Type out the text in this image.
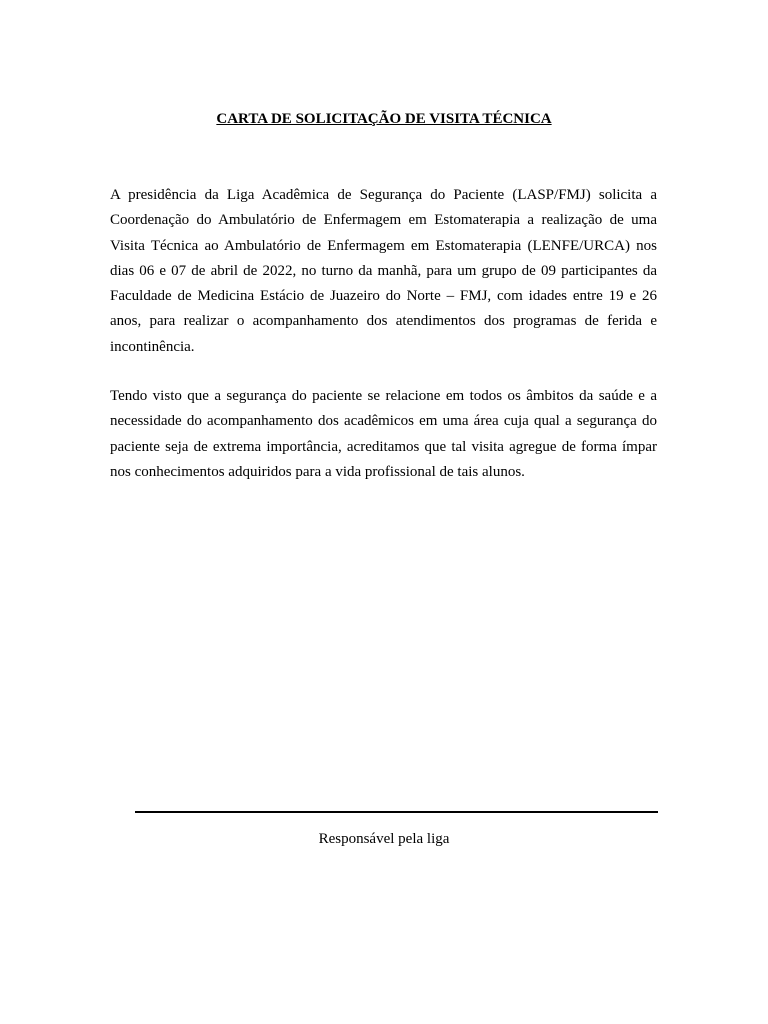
CARTA DE SOLICITAÇÃO DE VISITA TÉCNICA

A presidência da Liga Acadêmica de Segurança do Paciente (LASP/FMJ) solicita a Coordenação do Ambulatório de Enfermagem em Estomaterapia a realização de uma Visita Técnica ao Ambulatório de Enfermagem em Estomaterapia (LENFE/URCA) nos dias 06 e 07 de abril de 2022, no turno da manhã, para um grupo de 09 participantes da Faculdade de Medicina Estácio de Juazeiro do Norte – FMJ, com idades entre 19 e 26 anos, para realizar o acompanhamento dos atendimentos dos programas de ferida e incontinência.

Tendo visto que a segurança do paciente se relacione em todos os âmbitos da saúde e a necessidade do acompanhamento dos acadêmicos em uma área cuja qual a segurança do paciente seja de extrema importância, acreditamos que tal visita agregue de forma ímpar nos conhecimentos adquiridos para a vida profissional de tais alunos.

Responsável pela liga
